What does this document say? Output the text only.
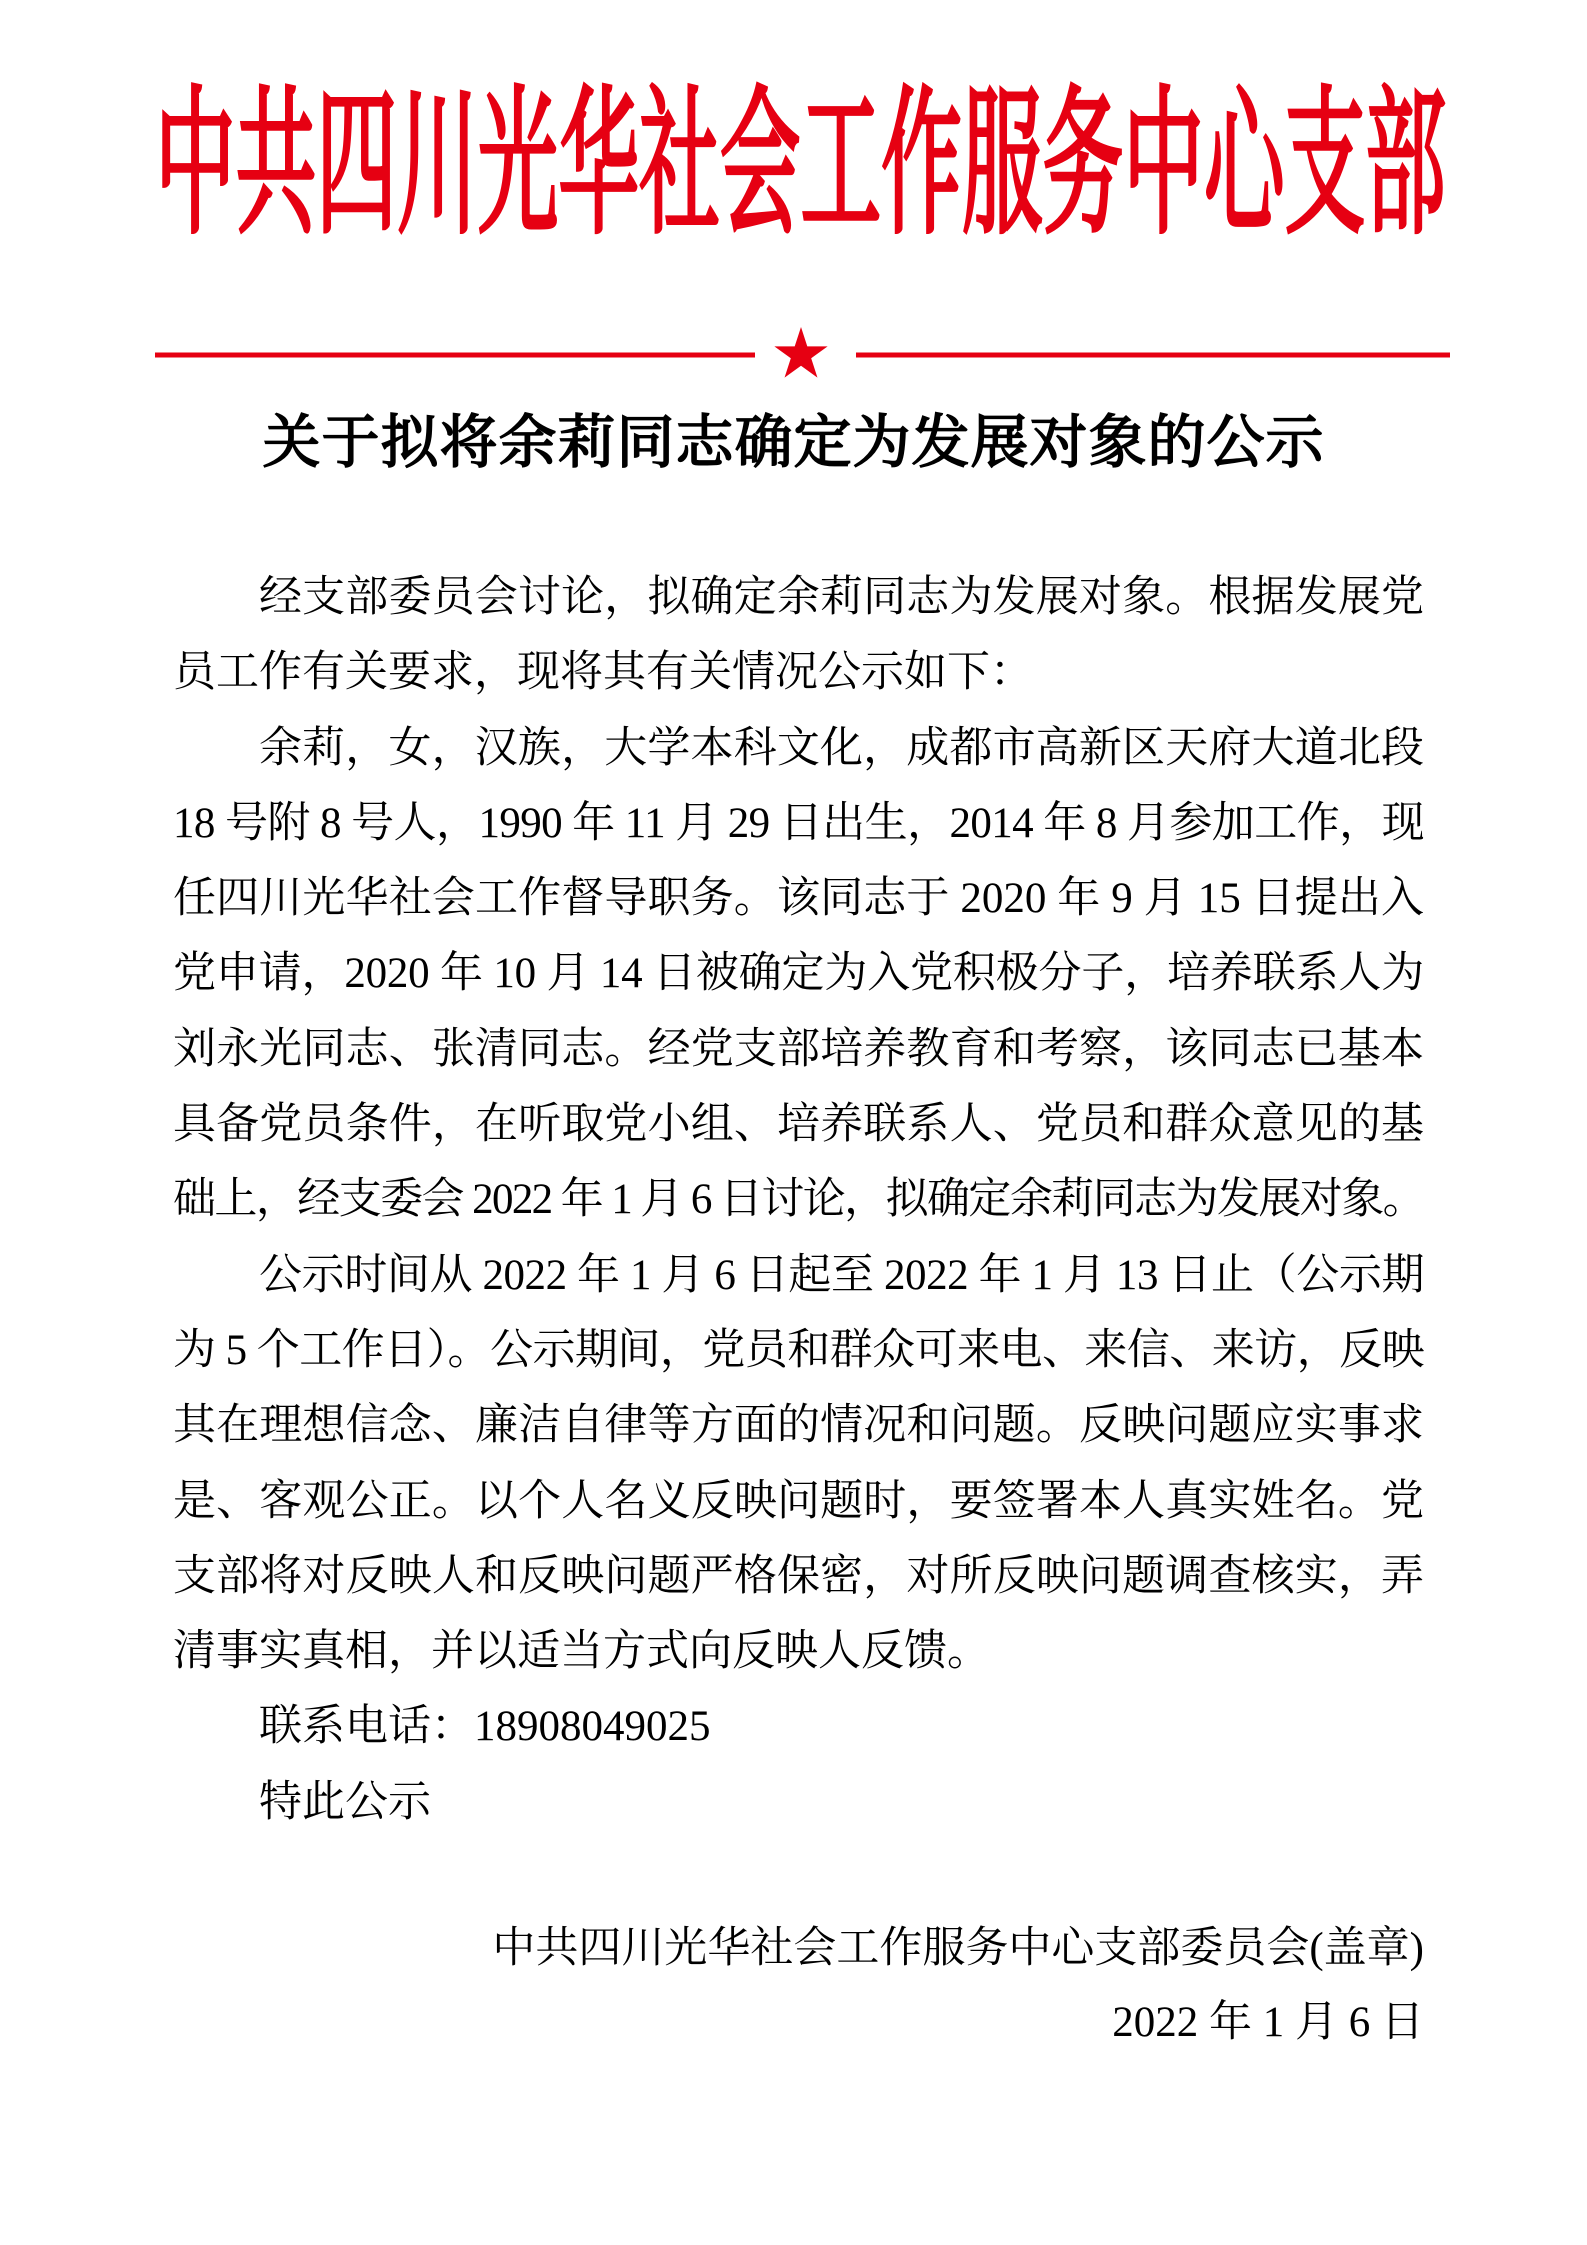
中共四川光华社会工作服务中心支部
关于拟将余莉同志确定为发展对象的公示
经支部委员会讨论，拟确定余莉同志为发展对象。根据发展党
员工作有关要求，现将其有关情况公示如下：
余莉，女，汉族，大学本科文化，成都市高新区天府大道北段
18 号附 8 号人，1990 年 11 月 29 日出生，2014 年 8 月参加工作，现
任四川光华社会工作督导职务。该同志于 2020 年 9 月 15 日提出入
党申请，2020 年 10 月 14 日被确定为入党积极分子，培养联系人为
刘永光同志、张清同志。经党支部培养教育和考察，该同志已基本
具备党员条件，在听取党小组、培养联系人、党员和群众意见的基
础上，经支委会 2022 年 1 月 6 日讨论，拟确定余莉同志为发展对象。
公示时间从 2022 年 1 月 6 日起至 2022 年 1 月 13 日止（公示期
为 5 个工作日）。公示期间，党员和群众可来电、来信、来访，反映
其在理想信念、廉洁自律等方面的情况和问题。反映问题应实事求
是、客观公正。以个人名义反映问题时，要签署本人真实姓名。党
支部将对反映人和反映问题严格保密，对所反映问题调查核实，弄
清事实真相，并以适当方式向反映人反馈。
联系电话：18908049025
特此公示
中共四川光华社会工作服务中心支部委员会(盖章)
2022 年 1 月 6 日
